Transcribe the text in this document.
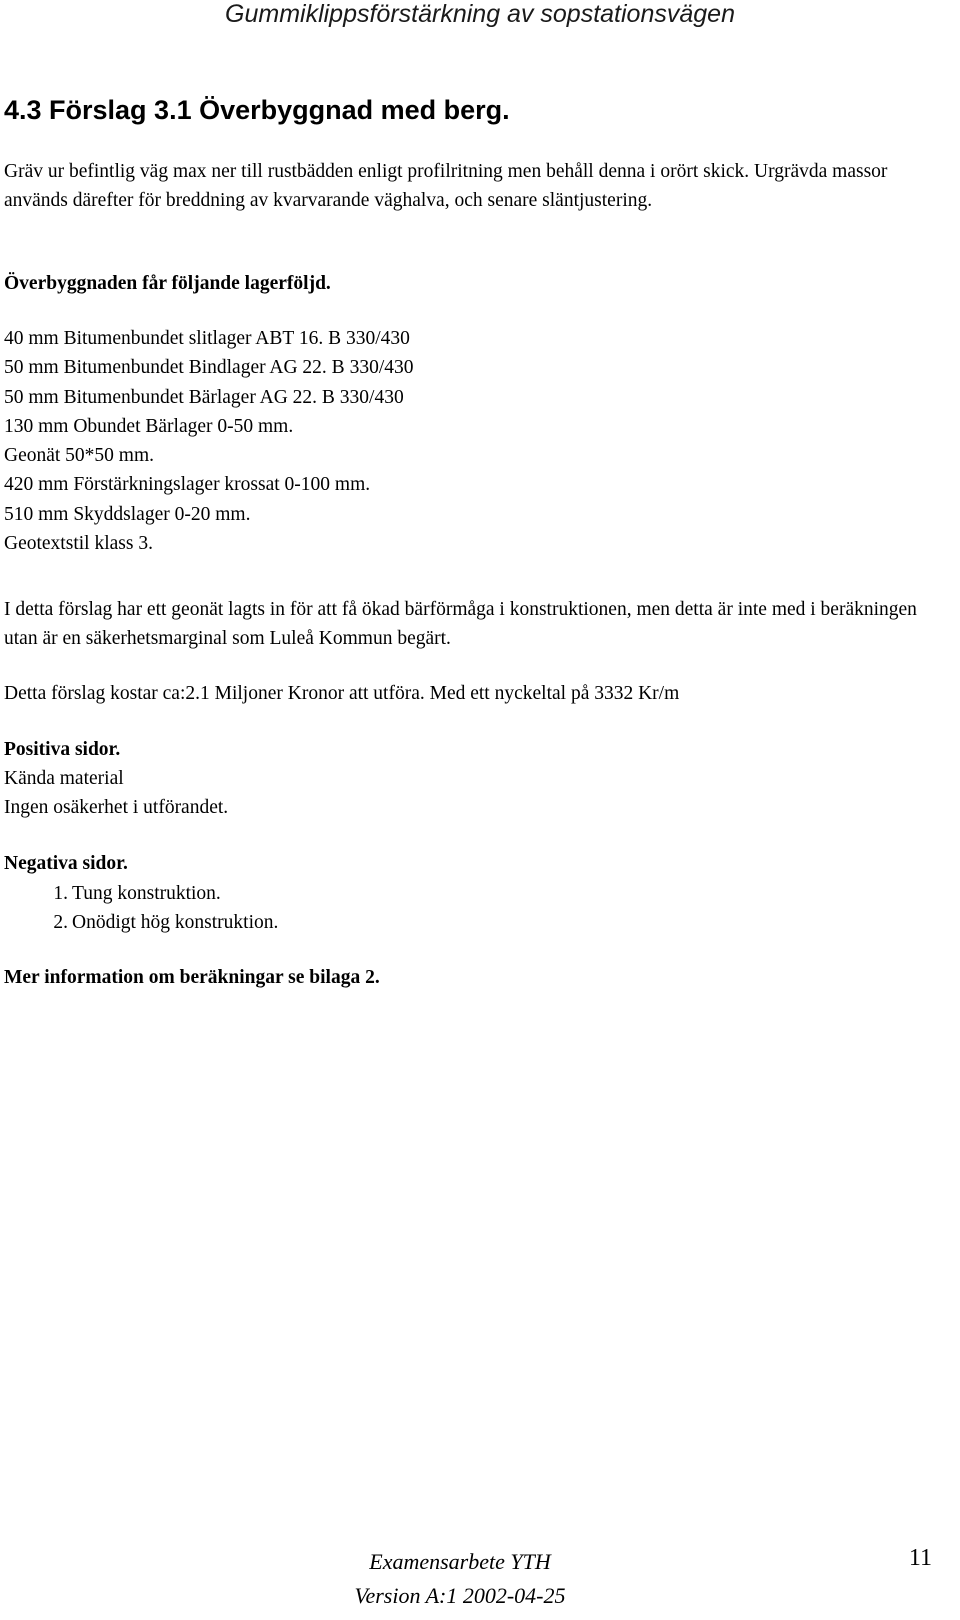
Gummiklippsförstärkning av sopstationsvägen
4.3 Förslag 3.1 Överbyggnad med berg.

Gräv ur befintlig väg max ner till rustbädden enligt profilritning men behåll denna i orört skick. Urgrävda massor används därefter för breddning av kvarvarande väghalva, och senare släntjustering.

Överbyggnaden får följande lagerföljd.

40 mm Bitumenbundet slitlager ABT 16. B 330/430
50 mm Bitumenbundet Bindlager AG 22. B 330/430
50 mm Bitumenbundet Bärlager AG 22. B 330/430
130 mm Obundet Bärlager 0-50 mm.
Geonät 50*50 mm.
420 mm Förstärkningslager krossat 0-100 mm.
510 mm Skyddslager 0-20 mm.
Geotextstil klass 3.

I detta förslag har ett geonät lagts in för att få ökad bärförmåga i konstruktionen, men detta är inte med i beräkningen utan är en säkerhetsmarginal som Luleå Kommun begärt.

Detta förslag kostar ca:2.1 Miljoner Kronor att utföra. Med ett nyckeltal på 3332 Kr/m

Positiva sidor.

Kända material

Ingen osäkerhet i utförandet.

Negativa sidor.

1. Tung konstruktion.
2. Onödigt hög konstruktion.

Mer information om beräkningar se bilaga 2.

Examensarbete YTH
Version A:1 2002-04-25
11
